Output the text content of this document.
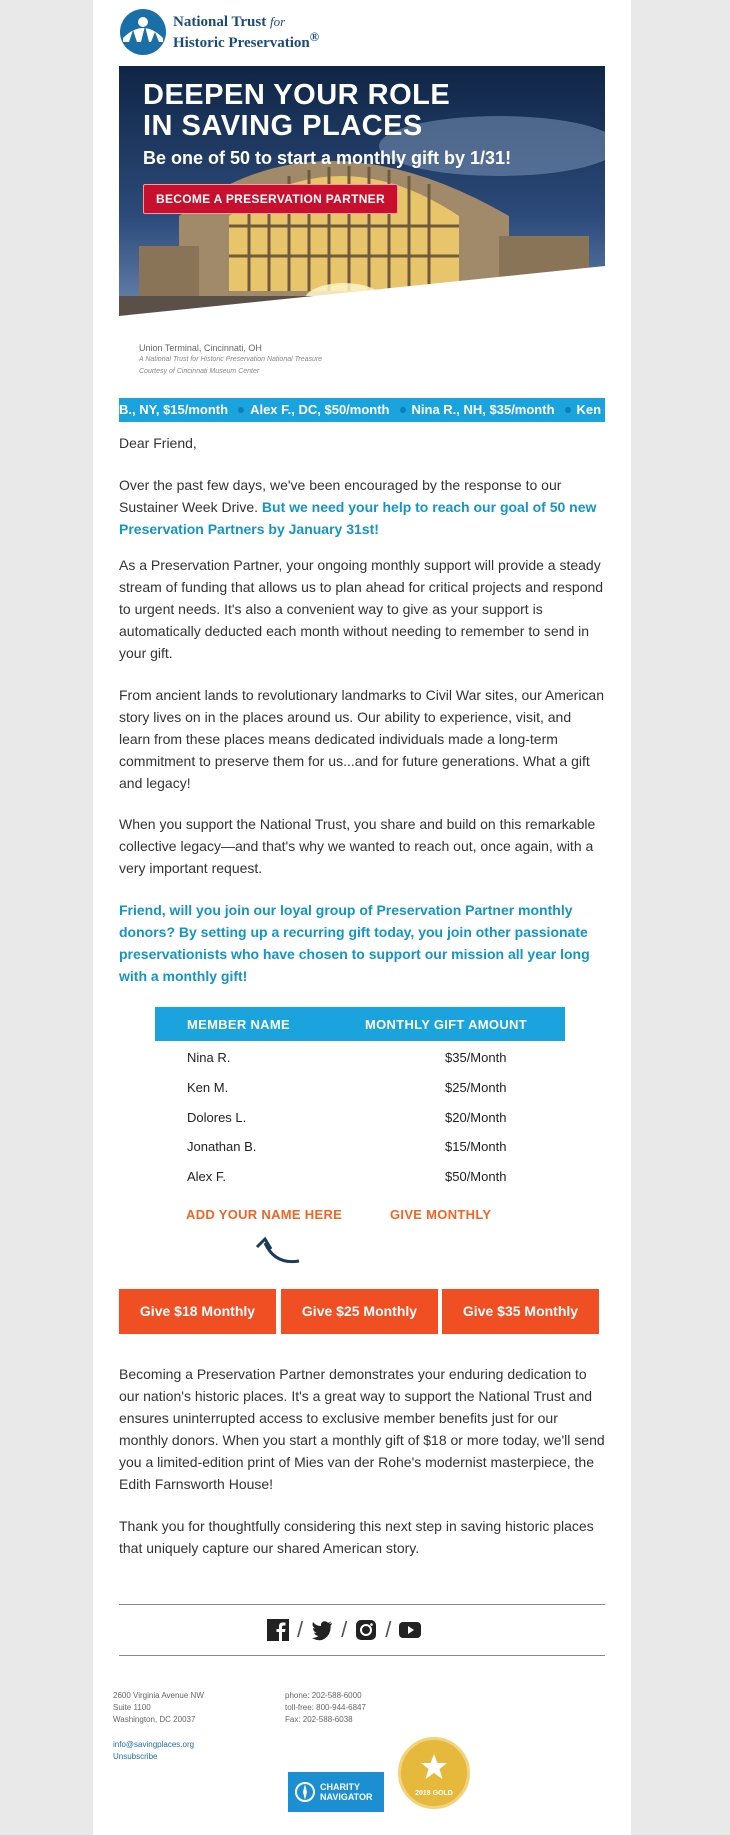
National Trust for
Historic Preservation®
DEEPEN YOUR ROLE
IN SAVING PLACES
Be one of 50 to start a monthly gift by 1/31!
BECOME A PRESERVATION PARTNER
Union Terminal, Cincinnati, OH
A National Trust for Historic Preservation National Treasure
Courtesy of Cincinnati Museum Center
B., NY, $15/month Alex F., DC, $50/month Nina R., NH, $35/month Ken

Dear Friend,

Over the past few days, we've been encouraged by the response to our Sustainer Week Drive. But we need your help to reach our goal of 50 new Preservation Partners by January 31st!

As a Preservation Partner, your ongoing monthly support will provide a steady stream of funding that allows us to plan ahead for critical projects and respond to urgent needs. It's also a convenient way to give as your support is automatically deducted each month without needing to remember to send in your gift.

From ancient lands to revolutionary landmarks to Civil War sites, our American story lives on in the places around us. Our ability to experience, visit, and learn from these places means dedicated individuals made a long-term commitment to preserve them for us...and for future generations. What a gift and legacy!

When you support the National Trust, you share and build on this remarkable collective legacy—and that's why we wanted to reach out, once again, with a very important request.

Friend, will you join our loyal group of Preservation Partner monthly donors? By setting up a recurring gift today, you join other passionate preservationists who have chosen to support our mission all year long with a monthly gift!

MEMBER NAME	MONTHLY GIFT AMOUNT
Nina R.	$35/Month
Ken M.	$25/Month
Dolores L.	$20/Month
Jonathan B.	$15/Month
Alex F.	$50/Month
ADD YOUR NAME HERE	GIVE MONTHLY
Give $18 Monthly	Give $25 Monthly	Give $35 Monthly

Becoming a Preservation Partner demonstrates your enduring dedication to our nation's historic places. It's a great way to support the National Trust and ensures uninterrupted access to exclusive member benefits just for our monthly donors. When you start a monthly gift of $18 or more today, we'll send you a limited-edition print of Mies van der Rohe's modernist masterpiece, the Edith Farnsworth House!

Thank you for thoughtfully considering this next step in saving historic places that uniquely capture our shared American story.

/ / /
2600 Virginia Avenue NW
Suite 1100
Washington, DC 20037
phone: 202-588-6000
toll-free: 800-944-6847
Fax: 202-588-6038
info@savingplaces.org
Unsubscribe
CHARITY
NAVIGATOR	2018 GOLD
